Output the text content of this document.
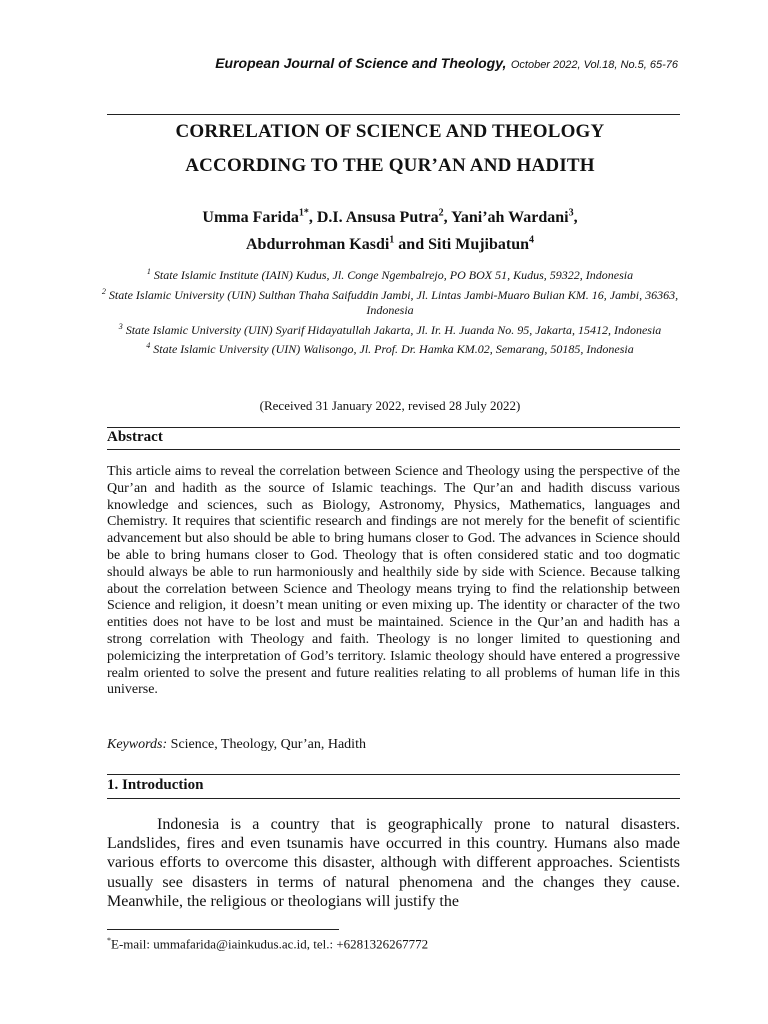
European Journal of Science and Theology, October 2022, Vol.18, No.5, 65-76
CORRELATION OF SCIENCE AND THEOLOGY
ACCORDING TO THE QUR’AN AND HADITH
Umma Farida$^{1*}$, D.I. Ansusa Putra$^2$, Yani’ah Wardani$^3$,
Abdurrohman Kasdi$^1$ and Siti Mujibatun$^4$

$^1$ State Islamic Institute (IAIN) Kudus, Jl. Conge Ngembalrejo, PO BOX 51, Kudus, 59322, Indonesia

$^2$ State Islamic University (UIN) Sulthan Thaha Saifuddin Jambi, Jl. Lintas Jambi-Muaro Bulian KM. 16, Jambi, 36363, Indonesia

$^3$ State Islamic University (UIN) Syarif Hidayatullah Jakarta, Jl. Ir. H. Juanda No. 95, Jakarta, 15412, Indonesia

$^4$ State Islamic University (UIN) Walisongo, Jl. Prof. Dr. Hamka KM.02, Semarang, 50185, Indonesia

(Received 31 January 2022, revised 28 July 2022)
Abstract
This article aims to reveal the correlation between Science and Theology using the perspective of the Qur’an and hadith as the source of Islamic teachings. The Qur’an and hadith discuss various knowledge and sciences, such as Biology, Astronomy, Physics, Mathematics, languages and Chemistry. It requires that scientific research and findings are not merely for the benefit of scientific advancement but also should be able to bring humans closer to God. The advances in Science should be able to bring humans closer to God. Theology that is often considered static and too dogmatic should always be able to run harmoniously and healthily side by side with Science. Because talking about the correlation between Science and Theology means trying to find the relationship between Science and religion, it doesn’t mean uniting or even mixing up. The identity or character of the two entities does not have to be lost and must be maintained. Science in the Qur’an and hadith has a strong correlation with Theology and faith. Theology is no longer limited to questioning and polemicizing the interpretation of God’s territory. Islamic theology should have entered a progressive realm oriented to solve the present and future realities relating to all problems of human life in this universe.
Keywords: Science, Theology, Qur’an, Hadith
1. Introduction
Indonesia is a country that is geographically prone to natural disasters. Landslides, fires and even tsunamis have occurred in this country. Humans also made various efforts to overcome this disaster, although with different approaches. Scientists usually see disasters in terms of natural phenomena and the changes they cause. Meanwhile, the religious or theologians will justify the
*E-mail: ummafarida@iainkudus.ac.id, tel.: +6281326267772
